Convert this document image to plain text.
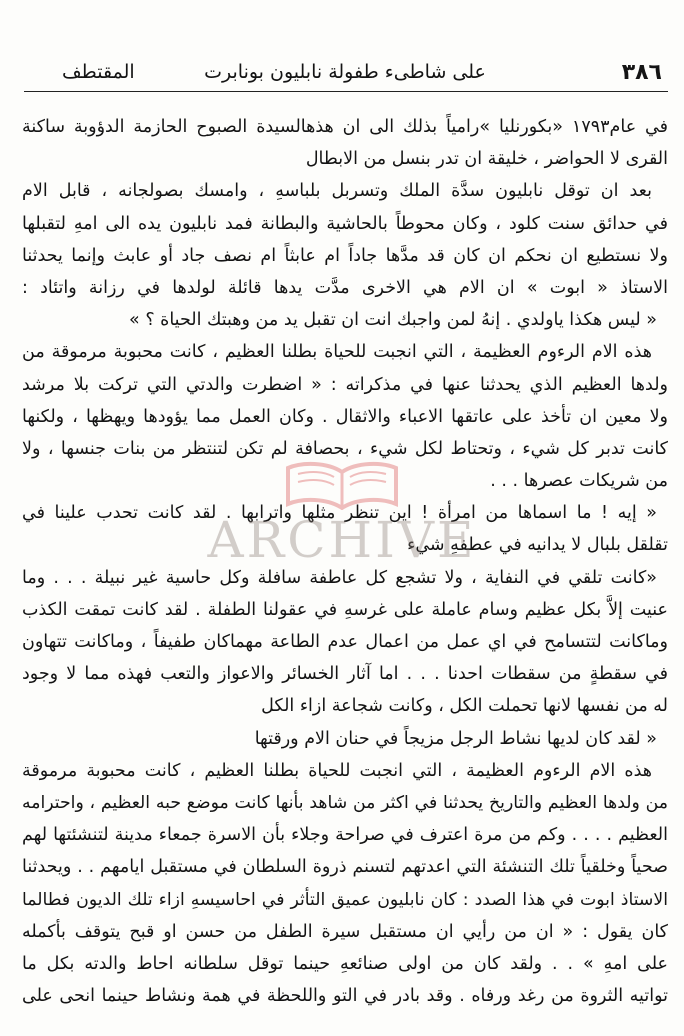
٣٨٦
على شاطىء طفولة نابليون بونابرت
المقتطف
في عام١٧٩٣ «بكورنليا »رامياً بذلك الى ان هذهالسيدة الصبوح الحازمة الدؤوبة ساكنة
القرى لا الحواضر ، خليقة ان تدر بنسل من الابطال
بعد ان توقل نابليون سدَّة الملك وتسربل بلباسهِ ، وامسك بصولجانه ، قابل الام
في حدائق سنت كلود ، وكان محوطاً بالحاشية والبطانة فمد نابليون يده الى امهِ لتقبلها
ولا نستطيع ان نحكم ان كان قد مدَّها جاداً ام عابثاً ام نصف جاد أو عابث وإنما يحدثنا
الاستاذ « ابوت » ان الام هي الاخرى مدَّت يدها قائلة لولدها في رزانة واتئاد :
« ليس هكذا ياولدي . إنهُ لمن واجبك انت ان تقبل يد من وهبتك الحياة ؟ »
هذه الام الرءوم العظيمة ، التي انجبت للحياة بطلنا العظيم ، كانت محبوبة مرموقة من
ولدها العظيم الذي يحدثنا عنها في مذكراته : « اضطرت والدتي التي تركت بلا مرشد
ولا معين ان تأخذ على عاتقها الاعباء والاثقال . وكان العمل مما يؤودها ويهظها ، ولكنها
كانت تدبر كل شيء ، وتحتاط لكل شيء ، بحصافة لم تكن لتنتظر من بنات جنسها ، ولا
من شريكات عصرها . . .
« إيه ! ما اسماها من امرأة ! اين تنظر مثلها واترابها . لقد كانت تحدب علينا في
تقلقل بلبال لا يدانيه في عطفهِ شيء
«كانت تلقي في النفاية ، ولا تشجع كل عاطفة سافلة وكل حاسية غير نبيلة . . . وما
عنيت إلاَّ بكل عظيم وسام عاملة على غرسهِ في عقولنا الطفلة . لقد كانت تمقت الكذب
وماكانت لتتسامح في اي عمل من اعمال عدم الطاعة مهماكان طفيفاً ، وماكانت تتهاون
في سقطةٍ من سقطات احدنا . . . اما آثار الخسائر والاعواز والتعب فهذه مما لا وجود
له من نفسها لانها تحملت الكل ، وكانت شجاعة ازاء الكل
« لقد كان لديها نشاط الرجل مزيجاً في حنان الام ورقتها
هذه الام الرءوم العظيمة ، التي انجبت للحياة بطلنا العظيم ، كانت محبوبة مرموقة
من ولدها العظيم والتاريخ يحدثنا في اكثر من شاهد بأنها كانت موضع حبه العظيم ، واحترامه
العظيم . . . . وكم من مرة اعترف في صراحة وجلاء بأن الاسرة جمعاء مدينة لتنشئتها لهم
صحياً وخلقياً تلك التنشئة التي اعدتهم لتسنم ذروة السلطان في مستقبل ايامهم . . ويحدثنا
الاستاذ ابوت في هذا الصدد : كان نابليون عميق التأثر في احاسيسهِ ازاء تلك الديون فطالما
كان يقول : « ان من رأيي ان مستقبل سيرة الطفل من حسن او قبح يتوقف بأكمله
على امهِ » . . ولقد كان من اولى صنائعهِ حينما توقل سلطانه احاط والدته بكل ما
تواتيه الثروة من رغد ورفاه . وقد بادر في التو واللحظة في همة ونشاط حينما انحى على
ARCHIVE
